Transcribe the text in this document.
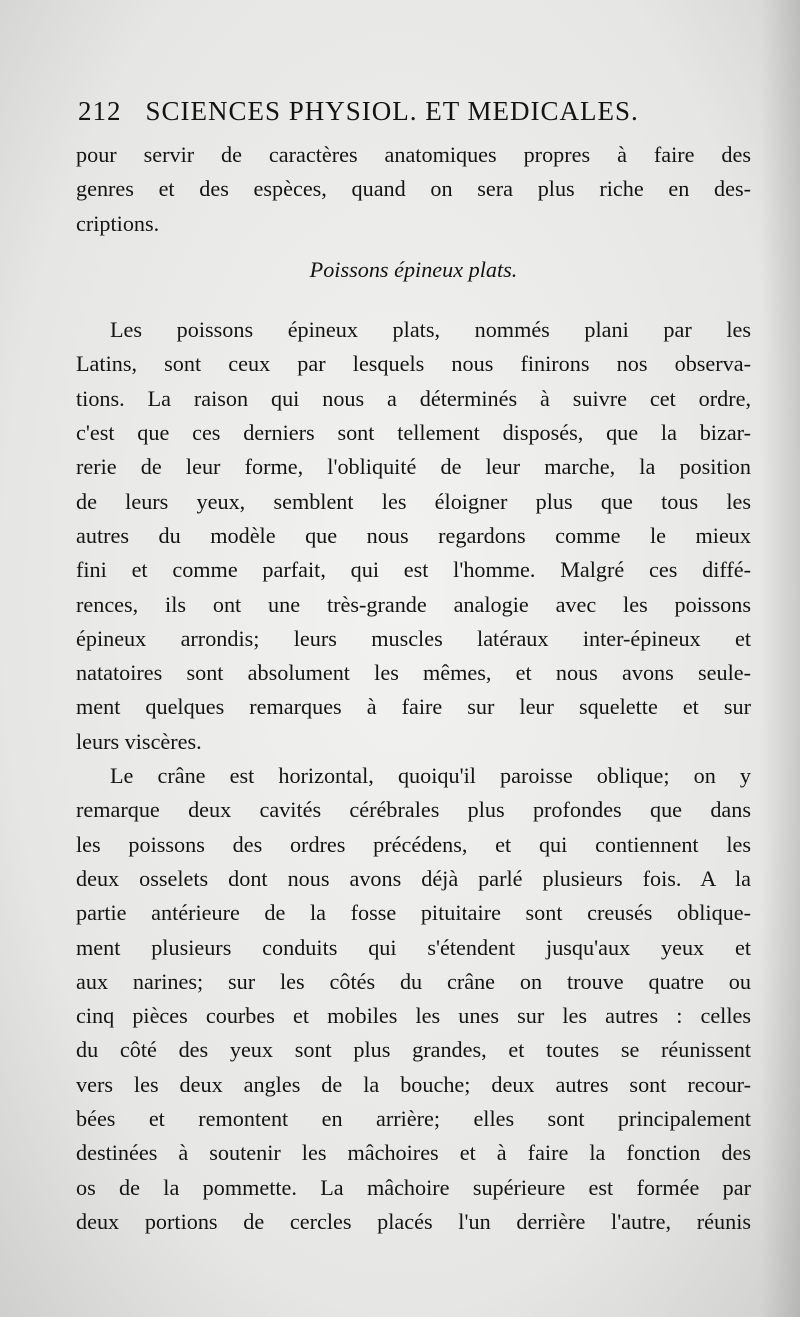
212 SCIENCES PHYSIOL. ET MEDICALES.

pour servir de caractères anatomiques propres à faire des

genres et des espèces, quand on sera plus riche en des-

criptions.

Poissons épineux plats.

Les poissons épineux plats, nommés plani par les

Latins, sont ceux par lesquels nous finirons nos observa-

tions. La raison qui nous a déterminés à suivre cet ordre,

c'est que ces derniers sont tellement disposés, que la bizar-

rerie de leur forme, l'obliquité de leur marche, la position

de leurs yeux, semblent les éloigner plus que tous les

autres du modèle que nous regardons comme le mieux

fini et comme parfait, qui est l'homme. Malgré ces diffé-

rences, ils ont une très-grande analogie avec les poissons

épineux arrondis; leurs muscles latéraux inter-épineux et

natatoires sont absolument les mêmes, et nous avons seule-

ment quelques remarques à faire sur leur squelette et sur

leurs viscères.

Le crâne est horizontal, quoiqu'il paroisse oblique; on y

remarque deux cavités cérébrales plus profondes que dans

les poissons des ordres précédens, et qui contiennent les

deux osselets dont nous avons déjà parlé plusieurs fois. A la

partie antérieure de la fosse pituitaire sont creusés oblique-

ment plusieurs conduits qui s'étendent jusqu'aux yeux et

aux narines; sur les côtés du crâne on trouve quatre ou

cinq pièces courbes et mobiles les unes sur les autres : celles

du côté des yeux sont plus grandes, et toutes se réunissent

vers les deux angles de la bouche; deux autres sont recour-

bées et remontent en arrière; elles sont principalement

destinées à soutenir les mâchoires et à faire la fonction des

os de la pommette. La mâchoire supérieure est formée par

deux portions de cercles placés l'un derrière l'autre, réunis
